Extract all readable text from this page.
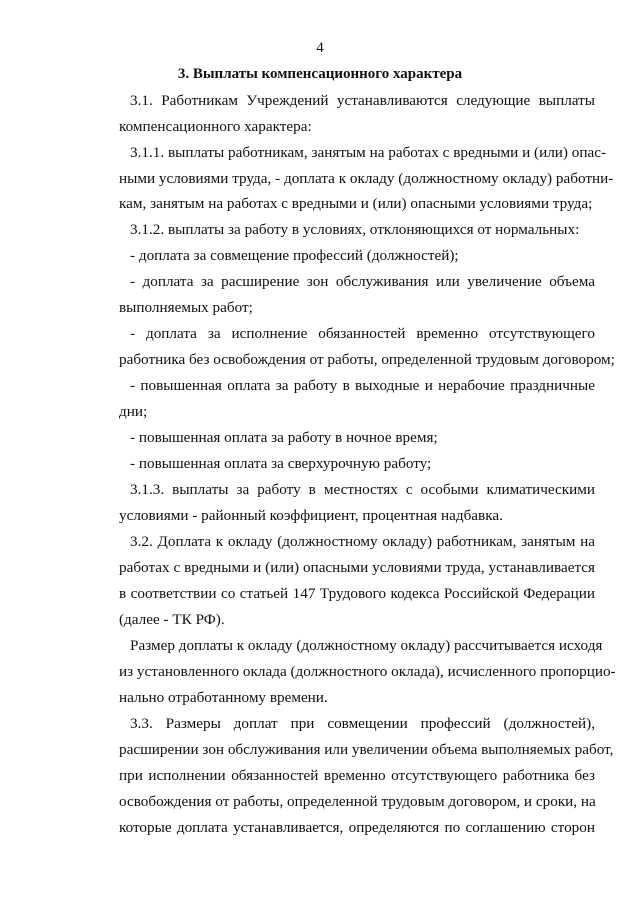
4
3. Выплаты компенсационного характера
3.1. Работникам Учреждений устанавливаются следующие выплаты
компенсационного характера:
3.1.1. выплаты работникам, занятым на работах с вредными и (или) опас-
ными условиями труда, - доплата к окладу (должностному окладу) работни-
кам, занятым на работах с вредными и (или) опасными условиями труда;
3.1.2. выплаты за работу в условиях, отклоняющихся от нормальных:
- доплата за совмещение профессий (должностей);
- доплата за расширение зон обслуживания или увеличение объема
выполняемых работ;
- доплата за исполнение обязанностей временно отсутствующего
работника без освобождения от работы, определенной трудовым договором;
- повышенная оплата за работу в выходные и нерабочие праздничные
дни;
- повышенная оплата за работу в ночное время;
- повышенная оплата за сверхурочную работу;
3.1.3. выплаты за работу в местностях с особыми климатическими
условиями - районный коэффициент, процентная надбавка.
3.2. Доплата к окладу (должностному окладу) работникам, занятым на
работах с вредными и (или) опасными условиями труда, устанавливается
в соответствии со статьей 147 Трудового кодекса Российской Федерации
(далее - ТК РФ).
Размер доплаты к окладу (должностному окладу) рассчитывается исходя
из установленного оклада (должностного оклада), исчисленного пропорцио-
нально отработанному времени.
3.3. Размеры доплат при совмещении профессий (должностей),
расширении зон обслуживания или увеличении объема выполняемых работ,
при исполнении обязанностей временно отсутствующего работника без
освобождения от работы, определенной трудовым договором, и сроки, на
которые доплата устанавливается, определяются по соглашению сторон
